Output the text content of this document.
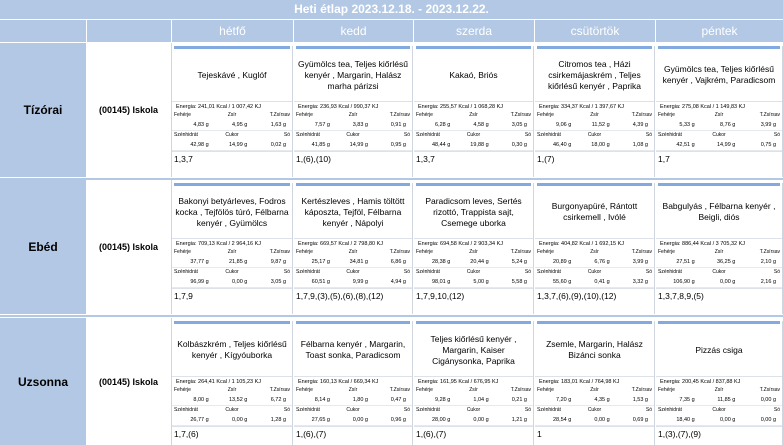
Heti étlap 2023.12.18. - 2023.12.22.
hétfő	kedd	szerda	csütörtök	péntek
Tízórai	(00145) Iskola
Tejeskávé , Kuglóf
Energia: 241,01 Kcal / 1 007,42 KJ
Fehérje	Zsír	T.Zsírsav
4,83 g	4,95 g	1,63 g
Szénhidrát	Cukor	Só
42,98 g	14,99 g	0,02 g
1,3,7
Gyümölcs tea, Teljes kiőrlésű kenyér , Margarin, Halász marha párizsi
Energia: 236,93 Kcal / 990,37 KJ
Fehérje	Zsír	T.Zsírsav
7,57 g	3,83 g	0,91 g
Szénhidrát	Cukor	Só
41,85 g	14,99 g	0,95 g
1,(6),(10)
Kakaó, Briós
Energia: 255,57 Kcal / 1 068,28 KJ
Fehérje	Zsír	T.Zsírsav
6,28 g	4,58 g	3,05 g
Szénhidrát	Cukor	Só
48,44 g	19,88 g	0,30 g
1,3,7
Citromos tea , Házi csirkemájaskrém , Teljes kiőrlésű kenyér , Paprika
Energia: 334,37 Kcal / 1 397,67 KJ
Fehérje	Zsír	T.Zsírsav
9,06 g	11,52 g	4,39 g
Szénhidrát	Cukor	Só
46,40 g	18,00 g	1,08 g
1,(7)
Gyümölcs tea, Teljes kiőrlésű kenyér , Vajkrém, Paradicsom
Energia: 275,08 Kcal / 1 149,83 KJ
Fehérje	Zsír	T.Zsírsav
5,33 g	8,76 g	3,99 g
Szénhidrát	Cukor	Só
42,51 g	14,99 g	0,75 g
1,7
Ebéd	(00145) Iskola
Bakonyi betyárleves, Fodros kocka , Tejfölös túró, Félbarna kenyér , Gyümölcs
Energia: 709,13 Kcal / 2 964,16 KJ
Fehérje	Zsír	T.Zsírsav
37,77 g	21,85 g	9,87 g
Szénhidrát	Cukor	Só
96,99 g	0,00 g	3,05 g
1,7,9
Kertészleves , Hamis töltött káposzta, Tejföl, Félbarna kenyér , Nápolyi
Energia: 669,57 Kcal / 2 798,80 KJ
Fehérje	Zsír	T.Zsírsav
25,17 g	34,81 g	6,86 g
Szénhidrát	Cukor	Só
60,51 g	9,99 g	4,94 g
1,7,9,(3),(5),(6),(8),(12)
Paradicsom leves, Sertés rizottó, Trappista sajt, Csemege uborka
Energia: 694,58 Kcal / 2 903,34 KJ
Fehérje	Zsír	T.Zsírsav
28,38 g	20,44 g	5,24 g
Szénhidrát	Cukor	Só
98,01 g	5,00 g	5,58 g
1,7,9,10,(12)
Burgonyapüré, Rántott csirkemell , Ivólé
Energia: 404,82 Kcal / 1 692,15 KJ
Fehérje	Zsír	T.Zsírsav
20,89 g	6,76 g	3,99 g
Szénhidrát	Cukor	Só
55,60 g	0,41 g	3,32 g
1,3,7,(6),(9),(10),(12)
Babgulyás , Félbarna kenyér , Beigli, diós
Energia: 886,44 Kcal / 3 705,32 KJ
Fehérje	Zsír	T.Zsírsav
27,51 g	36,25 g	2,10 g
Szénhidrát	Cukor	Só
106,90 g	0,00 g	2,16 g
1,3,7,8,9,(5)
Uzsonna	(00145) Iskola
Kolbászkrém , Teljes kiőrlésű kenyér , Kígyóuborka
Energia: 264,41 Kcal / 1 105,23 KJ
Fehérje	Zsír	T.Zsírsav
8,00 g	13,52 g	6,72 g
Szénhidrát	Cukor	Só
26,77 g	0,00 g	1,28 g
1,7,(6)
Félbarna kenyér , Margarin, Toast sonka, Paradicsom
Energia: 160,13 Kcal / 669,34 KJ
Fehérje	Zsír	T.Zsírsav
8,14 g	1,80 g	0,47 g
Szénhidrát	Cukor	Só
27,65 g	0,00 g	0,96 g
1,(6),(7)
Teljes kiőrlésű kenyér , Margarin, Kaiser Cigánysonka, Paprika
Energia: 161,95 Kcal / 676,95 KJ
Fehérje	Zsír	T.Zsírsav
9,28 g	1,04 g	0,21 g
Szénhidrát	Cukor	Só
28,00 g	0,00 g	1,21 g
1,(6),(7)
Zsemle, Margarin, Halász Bizánci sonka
Energia: 183,01 Kcal / 764,98 KJ
Fehérje	Zsír	T.Zsírsav
7,20 g	4,35 g	1,53 g
Szénhidrát	Cukor	Só
28,54 g	0,00 g	0,69 g
1
Pizzás csiga
Energia: 200,45 Kcal / 837,88 KJ
Fehérje	Zsír	T.Zsírsav
7,35 g	11,85 g	0,00 g
Szénhidrát	Cukor	Só
18,40 g	0,00 g	0,00 g
1,(3),(7),(9)
